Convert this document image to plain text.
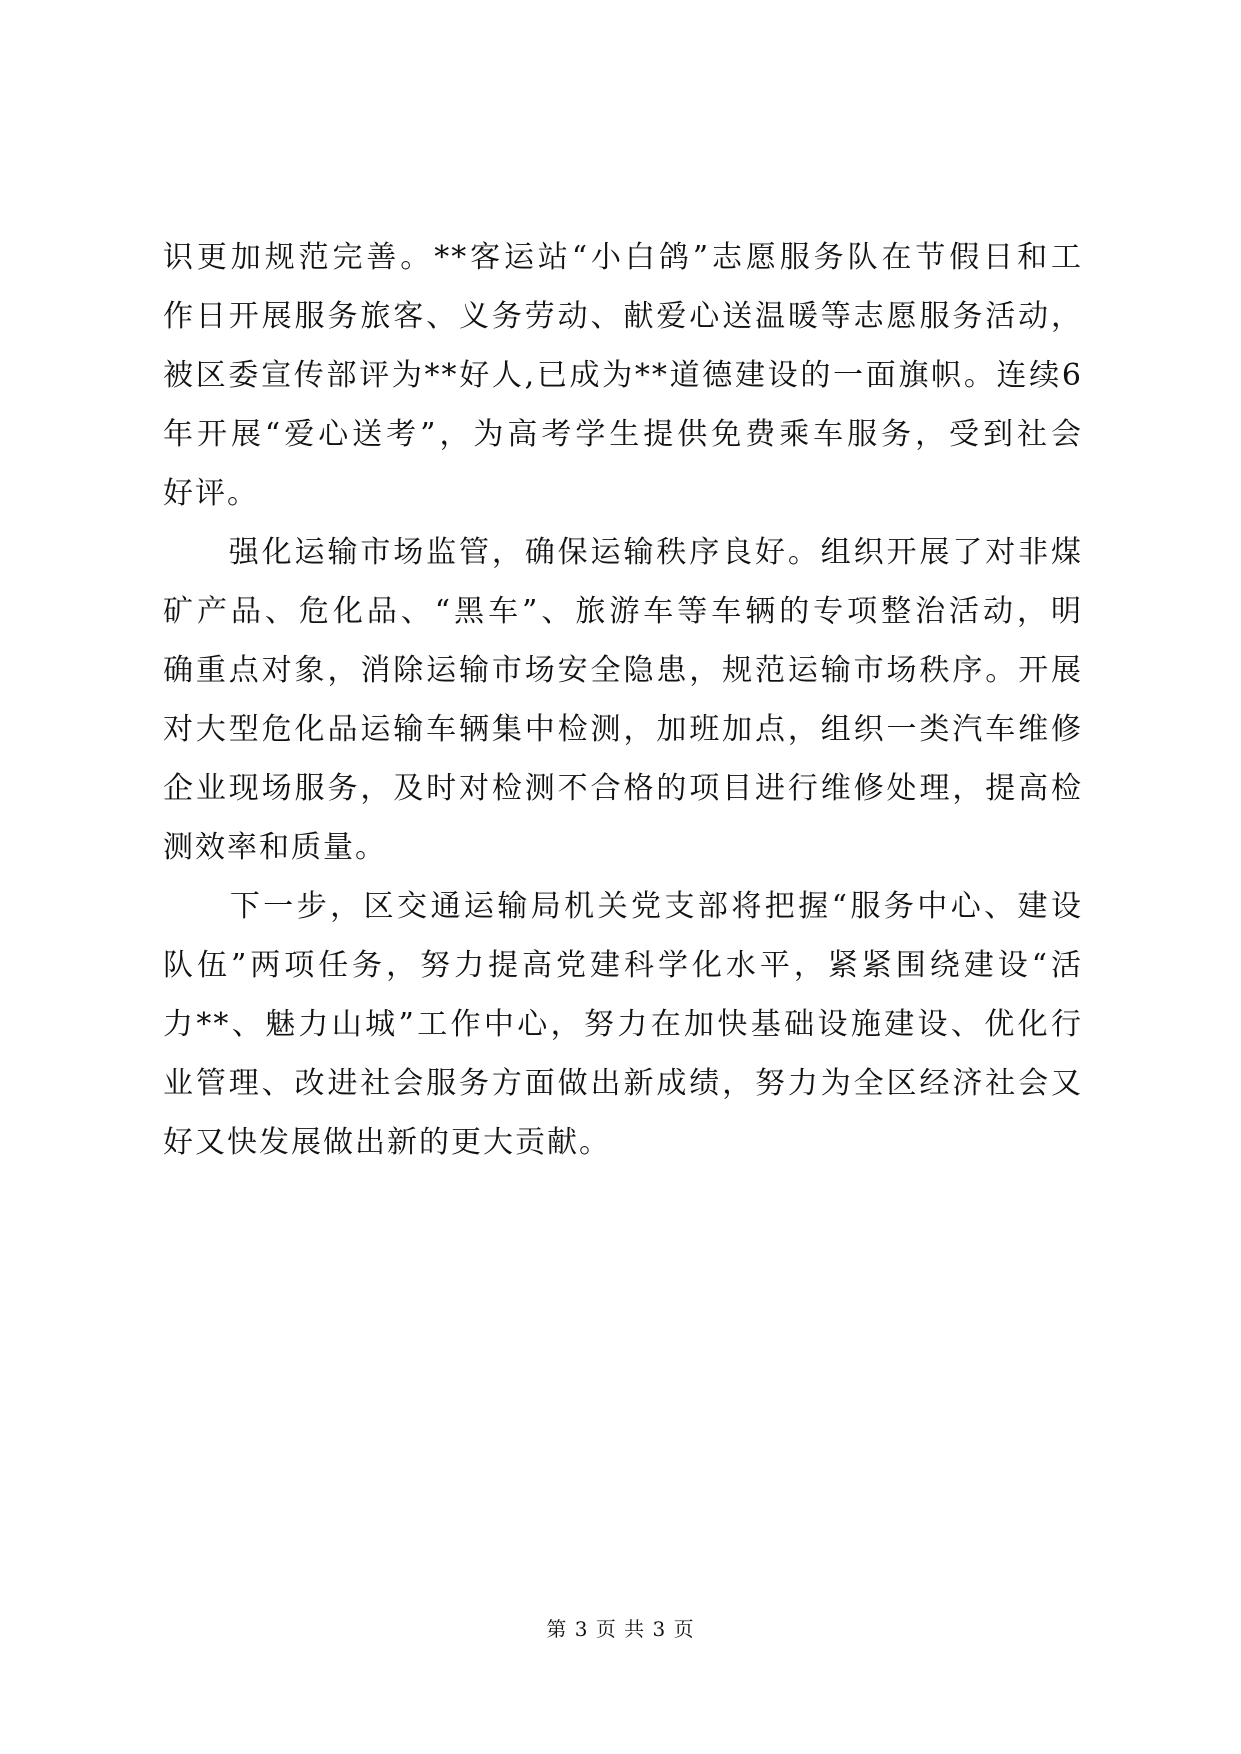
识更加规范完善。**客运站“小白鸽”志愿服务队在节假日和工
作日开展服务旅客、义务劳动、献爱心送温暖等志愿服务活动，
被区委宣传部评为**好人,已成为**道德建设的一面旗帜。连续6
年开展“爱心送考”，为高考学生提供免费乘车服务，受到社会
好评。
　　强化运输市场监管，确保运输秩序良好。组织开展了对非煤
矿产品、危化品、“黑车”、旅游车等车辆的专项整治活动，明
确重点对象，消除运输市场安全隐患，规范运输市场秩序。开展
对大型危化品运输车辆集中检测，加班加点，组织一类汽车维修
企业现场服务，及时对检测不合格的项目进行维修处理，提高检
测效率和质量。
　　下一步，区交通运输局机关党支部将把握“服务中心、建设
队伍”两项任务，努力提高党建科学化水平，紧紧围绕建设“活
力**、魅力山城”工作中心，努力在加快基础设施建设、优化行
业管理、改进社会服务方面做出新成绩，努力为全区经济社会又
好又快发展做出新的更大贡献。
第 3 页 共 3 页
